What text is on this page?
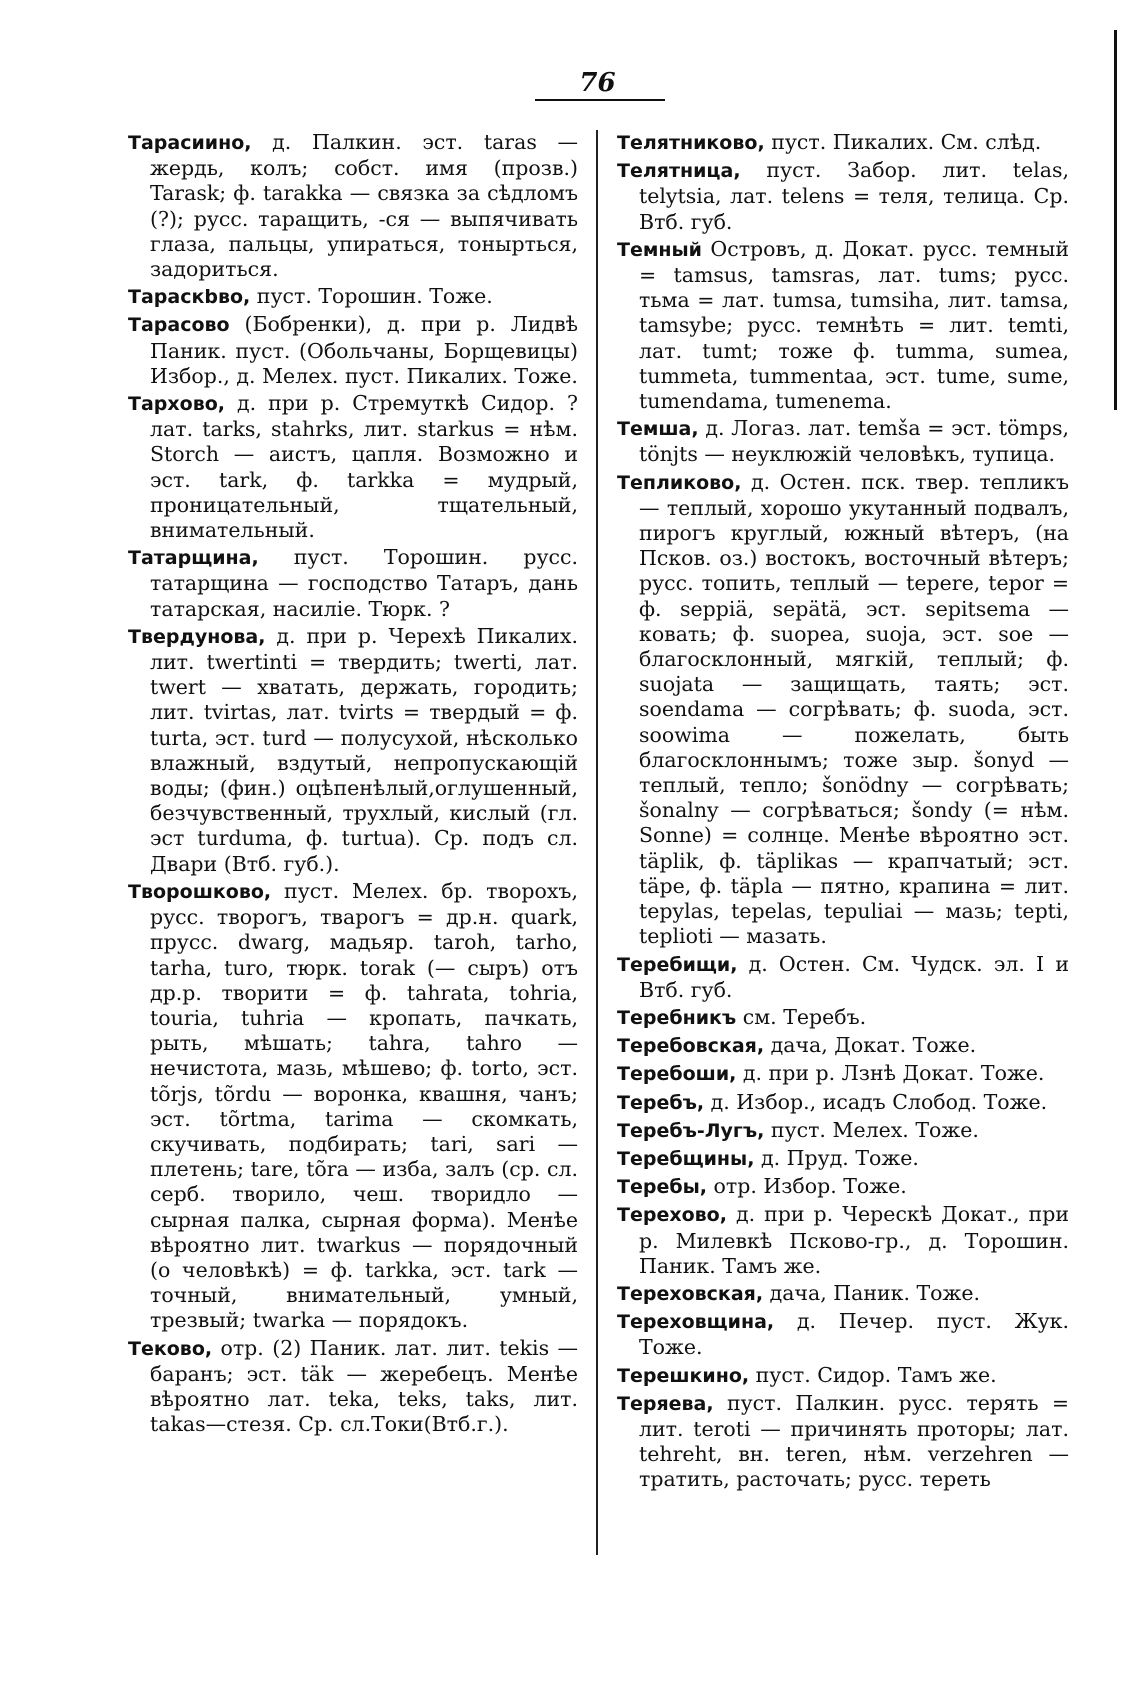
76

Тарасиино, д. Палкин. эст. taras — жердь, колъ; собст. имя (прозв.) Tarask; ф. tarakka — связка за сѣдломъ (?); русс. таращить, -ся — выпячивать глаза, пальцы, упиратьcя, тонырться, задориться.

Тараскbво, пуст. Торошин. Тоже.

Тарасово (Бобренки), д. при р. Лидвѣ Паник. пуст. (Обольчаны, Борщевицы) Избор., д. Мелех. пуст. Пикалих. Тоже.

Тархово, д. при р. Стремуткѣ Сидор. ? лат. tarks, stahrks, лит. starkus = нѣм. Storch — аистъ, цапля. Возможно и эст. tark, ф. tarkka = мудрый, проницательный, тщательный, внимательный.

Татарщина, пуст. Торошин. русс. татарщина — господство Татаръ, дань татарская, насиліе. Тюрк. ?

Твердунова, д. при р. Черехѣ Пикалих. лит. twertinti = твердить; twerti, лат. twert — хватать, держать, городить; лит. tvirtas, лат. tvirts = твердый = ф. turta, эст. turd — полусухой, нѣсколько влажный, вздутый, непропускающій воды; (фин.) оцѣпенѣлый,оглушенный, безчувственный, трухлый, кислый (гл. эст turduma, ф. turtua). Ср. подъ сл. Двари (Втб. губ.).

Творошково, пуст. Мелех. бр. творохъ, русс. творогъ, тварогъ = др.н. quark, пpусс. dwarg, мадьяр. taroh, tarho, tarha, turo, тюрк. torak (— сыръ) отъ др.р. творити = ф. tahrata, tohria, touria, tuhria — кропать, пачкать, рыть, мѣшать; tahra, tahro — нечистота, мазь, мѣшево; ф. torto, эст. tõrjs, tõrdu — воронка, квашня, чанъ; эст. tõrtma, tarima — скомкать, скучивать, подбирать; tari, sari — плетень; tare, tõra — изба, залъ (ср. сл. серб. творило, чеш. творидло — сырная палка, сырная форма). Менѣе вѣроятно лит. twarkus — порядочный (о человѣкѣ) = ф. tarkka, эст. tark — точный, внимательный, умный, трезвый; twarka — порядокъ.

Теково, отр. (2) Паник. лат. лит. tekis — баранъ; эст. täk — жеребецъ. Менѣе вѣроятно лат. teka, teks, taks, лит. takas—стезя. Ср. сл.Токи(Втб.г.).

Телятниково, пуст. Пикалих. См. слѣд.

Телятница, пуст. Забор. лит. telas, telytsia, лат. telens = теля, телица. Ср. Втб. губ.

Темный Островъ, д. Докат. русс. темный = tamsus, tamsras, лат. tums; русс. тьма = лат. tumsa, tumsiha, лит. tamsa, tamsybe; русс. темнѣть = лит. temti, лат. tumt; тоже ф. tumma, sumea, tummeta, tummentaa, эст. tume, sume, tumendama, tumenema.

Темша, д. Логаз. лат. temša = эст. tömps, tönjts — неуклюжій человѣкъ, тупица.

Тепликово, д. Остен. пск. твер. тепликъ — теплый, хорошо укутанный подвалъ, пирогъ круглый, южный вѣтеръ, (на Псков. оз.) востокъ, восточный вѣтеръ; русс. топить, теплый — tepere, tepor = ф. seppiä, sepätä, эст. sepitsema — ковать; ф. suopea, suoja, эст. soe — благосклонный, мягкій, теплый; ф. suojata — защищать, таять; эст. soendama — согрѣвать; ф. suoda, эст. soowima — пожелать, быть благосклоннымъ; тоже зыр. šonyd — теплый, тепло; šonödny — согрѣвать; šonalny — согрѣваться; šondy (= нѣм. Sonne) = солнце. Менѣе вѣроятно эст. täplik, ф. täplikas — крапчатый; эст. täpe, ф. täpla — пятно, крапина = лит. tepylas, tepelas, tepuliai — мазь; tepti, teplioti — мазать.

Теребищи, д. Остен. См. Чудск. эл. I и Втб. губ.

Теребникъ см. Теребъ.

Теребовская, дача, Докат. Тоже.

Теребоши, д. при р. Лзнѣ Докат. Тоже.

Теребъ, д. Избор., исадъ Слобод. Тоже.

Теребъ-Лугъ, пуст. Мелех. Тоже.

Теребщины, д. Пруд. Тоже.

Теребы, отр. Избор. Тоже.

Терехово, д. при р. Черескѣ Докат., при р. Милевкѣ Псково-гр., д. Торошин. Паник. Тамъ же.

Тереховская, дача, Паник. Тоже.

Тереховщина, д. Печер. пуст. Жук. Тоже.

Терешкино, пуст. Сидор. Тамъ же.

Теряева, пуст. Палкин. русс. терять = лит. teroti — причинять проторы; лат. tehreht, вн. teren, нѣм. verzehren — тратить, расточать; русс. тереть
